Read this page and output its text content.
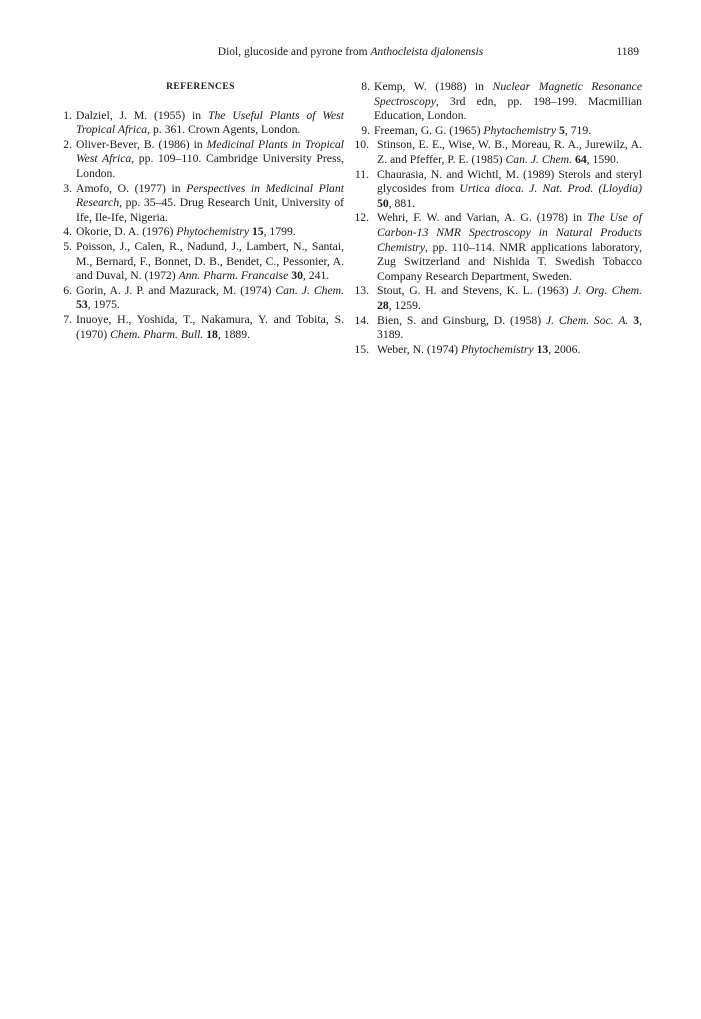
Diol, glucoside and pyrone from Anthocleista djalonensis	1189
REFERENCES
1. Dalziel, J. M. (1955) in The Useful Plants of West Tropical Africa, p. 361. Crown Agents, London.
2. Oliver-Bever, B. (1986) in Medicinal Plants in Tropical West Africa, pp. 109–110. Cambridge University Press, London.
3. Amofo, O. (1977) in Perspectives in Medicinal Plant Research, pp. 35–45. Drug Research Unit, University of Ife, Ile-Ife, Nigeria.
4. Okorie, D. A. (1976) Phytochemistry 15, 1799.
5. Poisson, J., Calen, R., Nadund, J., Lambert, N., Santai, M., Bernard, F., Bonnet, D. B., Bendet, C., Pessonier, A. and Duval, N. (1972) Ann. Pharm. Francaise 30, 241.
6. Gorin, A. J. P. and Mazurack, M. (1974) Can. J. Chem. 53, 1975.
7. Inuoye, H., Yoshida, T., Nakamura, Y. and Tobita, S. (1970) Chem. Pharm. Bull. 18, 1889.
8. Kemp, W. (1988) in Nuclear Magnetic Resonance Spectroscopy, 3rd edn, pp. 198–199. Macmillian Education, London.
9. Freeman, G. G. (1965) Phytochemistry 5, 719.
10. Stinson, E. E., Wise, W. B., Moreau, R. A., Jurewilz, A. Z. and Pfeffer, P. E. (1985) Can. J. Chem. 64, 1590.
11. Chaurasia, N. and Wichtl, M. (1989) Sterols and steryl glycosides from Urtica dioca. J. Nat. Prod. (Lloydia) 50, 881.
12. Wehri, F. W. and Varian, A. G. (1978) in The Use of Carbon-13 NMR Spectroscopy in Natural Products Chemistry, pp. 110–114. NMR applications laboratory, Zug Switzerland and Nishida T. Swedish Tobacco Company Research Department, Sweden.
13. Stout, G. H. and Stevens, K. L. (1963) J. Org. Chem. 28, 1259.
14. Bien, S. and Ginsburg, D. (1958) J. Chem. Soc. A. 3, 3189.
15. Weber, N. (1974) Phytochemistry 13, 2006.
